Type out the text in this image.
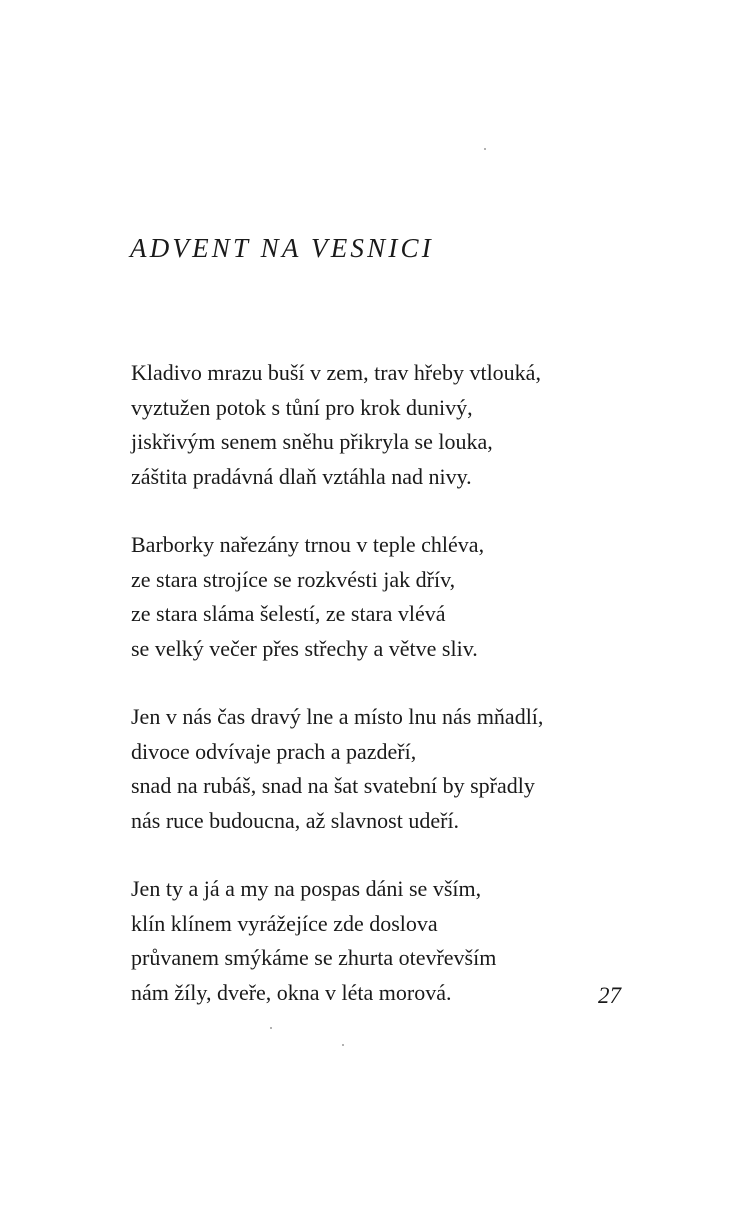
ADVENT NA VESNICI

Kladivo mrazu buší v zem, trav hřeby vtlouká,
vyztužen potok s tůní pro krok dunivý,
jiskřivým senem sněhu přikryla se louka,
záštita pradávná dlaň vztáhla nad nivy.

Barborky nařezány trnou v teple chléva,
ze stara strojíce se rozkvésti jak dřív,
ze stara sláma šelestí, ze stara vlévá
se velký večer přes střechy a větve sliv.

Jen v nás čas dravý lne a místo lnu nás mňadlí,
divoce odvívaje prach a pazdeří,
snad na rubáš, snad na šat svatební by spřadly
nás ruce budoucna, až slavnost udeří.

Jen ty a já a my na pospas dáni se vším,
klín klínem vyrážejíce zde doslova
průvanem smýkáme se zhurta otevřevším
nám žíly, dveře, okna v léta morová.	27
